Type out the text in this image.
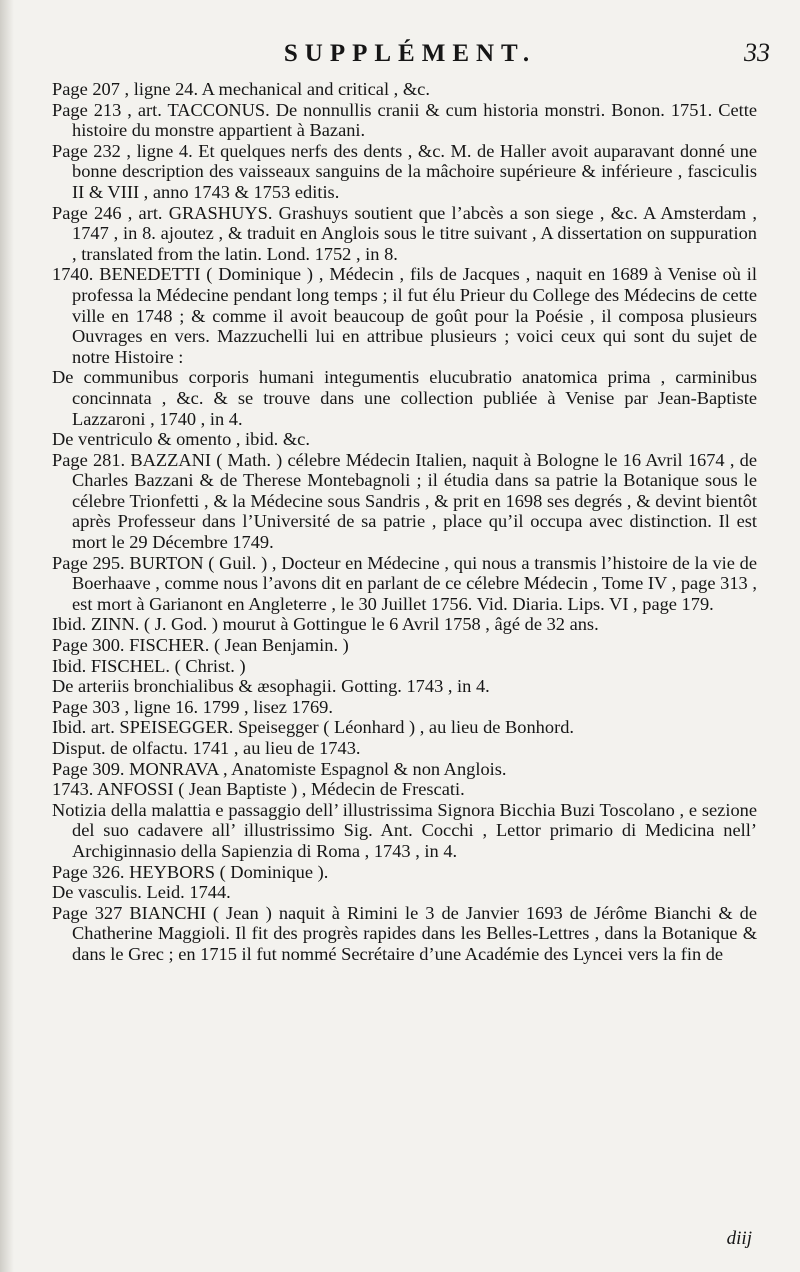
SUPPLÉMENT.	33

Page 207 , ligne 24. A mechanical and critical , &c.

Page 213 , art. TACCONUS. De nonnullis cranii & cum historia monstri. Bonon. 1751. Cette histoire du monstre appartient à Bazani.

Page 232 , ligne 4. Et quelques nerfs des dents , &c. M. de Haller avoit auparavant donné une bonne description des vaisseaux sanguins de la mâchoire supérieure & inférieure , fasciculis II & VIII , anno 1743 & 1753 editis.

Page 246 , art. GRASHUYS. Grashuys soutient que l’abcès a son siege , &c. A Amsterdam , 1747 , in 8. ajoutez , & traduit en Anglois sous le titre suivant , A dissertation on suppuration , translated from the latin. Lond. 1752 , in 8.

1740. BENEDETTI ( Dominique ) , Médecin , fils de Jacques , naquit en 1689 à Venise où il professa la Médecine pendant long temps ; il fut élu Prieur du College des Médecins de cette ville en 1748 ; & comme il avoit beaucoup de goût pour la Poésie , il composa plusieurs Ouvrages en vers. Mazzuchelli lui en attribue plusieurs ; voici ceux qui sont du sujet de notre Histoire :

De communibus corporis humani integumentis elucubratio anatomica prima , carminibus concinnata , &c. & se trouve dans une collection publiée à Venise par Jean-Baptiste Lazzaroni , 1740 , in 4.

De ventriculo & omento , ibid. &c.

Page 281. BAZZANI ( Math. ) célebre Médecin Italien, naquit à Bologne le 16 Avril 1674 , de Charles Bazzani & de Therese Montebagnoli ; il étudia dans sa patrie la Botanique sous le célebre Trionfetti , & la Médecine sous Sandris , & prit en 1698 ses degrés , & devint bientôt après Professeur dans l’Université de sa patrie , place qu’il occupa avec distinction. Il est mort le 29 Décembre 1749.

Page 295. BURTON ( Guil. ) , Docteur en Médecine , qui nous a transmis l’histoire de la vie de Boerhaave , comme nous l’avons dit en parlant de ce célebre Médecin , Tome IV , page 313 , est mort à Garianont en Angleterre , le 30 Juillet 1756. Vid. Diaria. Lips. VI , page 179.

Ibid. ZINN. ( J. God. ) mourut à Gottingue le 6 Avril 1758 , âgé de 32 ans.

Page 300. FISCHER. ( Jean Benjamin. )

Ibid. FISCHEL. ( Christ. )

De arteriis bronchialibus & æsophagii. Gotting. 1743 , in 4.

Page 303 , ligne 16. 1799 , lisez 1769.

Ibid. art. SPEISEGGER. Speisegger ( Léonhard ) , au lieu de Bonhord.

Disput. de olfactu. 1741 , au lieu de 1743.

Page 309. MONRAVA , Anatomiste Espagnol & non Anglois.

1743. ANFOSSI ( Jean Baptiste ) , Médecin de Frescati.

Notizia della malattia e passaggio dell’ illustrissima Signora Bicchia Buzi Toscolano , e sezione del suo cadavere all’ illustrissimo Sig. Ant. Cocchi , Lettor primario di Medicina nell’ Archiginnasio della Sapienzia di Roma , 1743 , in 4.

Page 326. HEYBORS ( Dominique ).

De vasculis. Leid. 1744.

Page 327 BIANCHI ( Jean ) naquit à Rimini le 3 de Janvier 1693 de Jérôme Bianchi & de Chatherine Maggioli. Il fit des progrès rapides dans les Belles-Lettres , dans la Botanique & dans le Grec ; en 1715 il fut nommé Secrétaire d’une Académie des Lyncei vers la fin de

diij
